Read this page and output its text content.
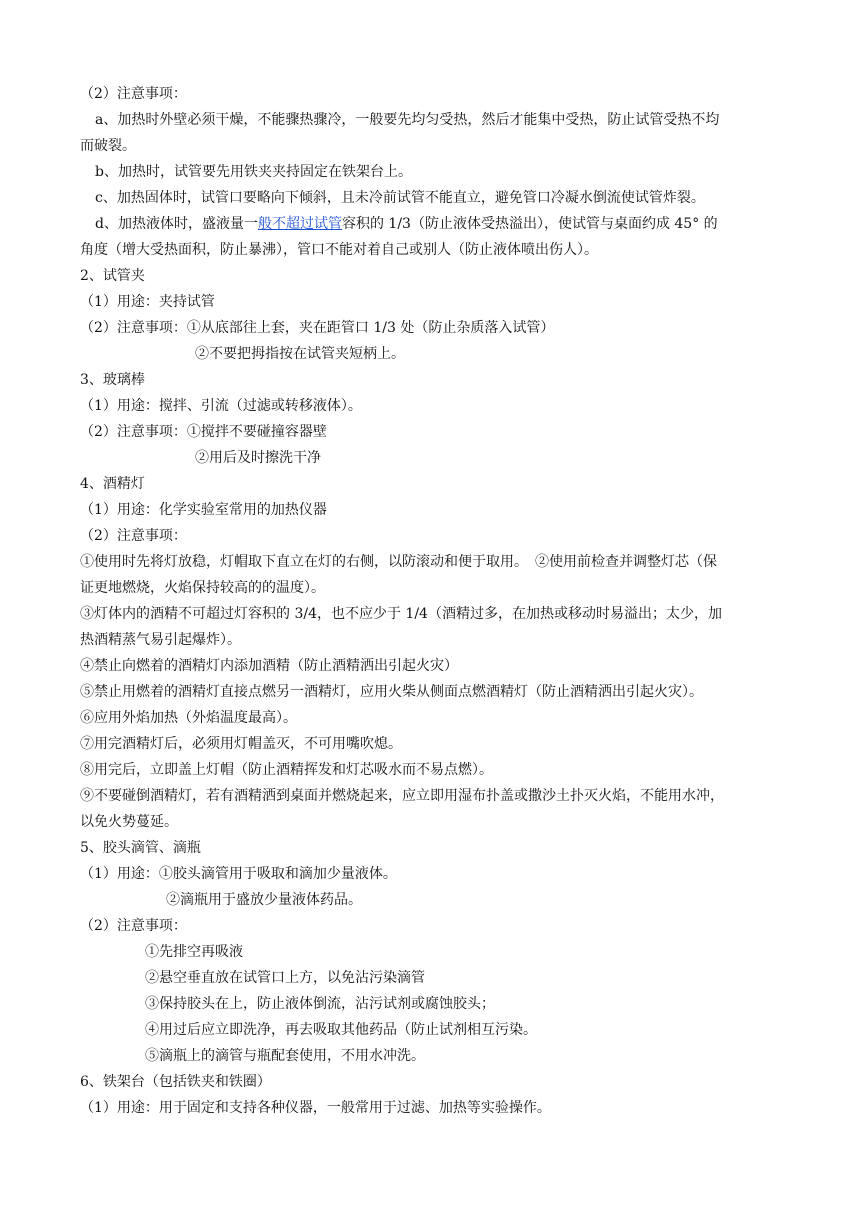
（2）注意事项：
a、加热时外壁必须干燥，不能骤热骤冷，一般要先均匀受热，然后才能集中受热，防止试管受热不均
而破裂。
b、加热时，试管要先用铁夹夹持固定在铁架台上。
c、加热固体时，试管口要略向下倾斜，且未冷前试管不能直立，避免管口冷凝水倒流使试管炸裂。
d、加热液体时，盛液量一般不超过试管容积的 1/3（防止液体受热溢出），使试管与桌面约成 45° 的
角度（增大受热面积，防止暴沸），管口不能对着自己或别人（防止液体喷出伤人）。
2、试管夹
（1）用途：夹持试管
（2）注意事项：①从底部往上套，夹在距管口 1/3 处（防止杂质落入试管）
②不要把拇指按在试管夹短柄上。
3、玻璃棒
（1）用途：搅拌、引流（过滤或转移液体）。
（2）注意事项：①搅拌不要碰撞容器壁
②用后及时擦洗干净
4、酒精灯
（1）用途：化学实验室常用的加热仪器
（2）注意事项：
①使用时先将灯放稳，灯帽取下直立在灯的右侧，以防滚动和便于取用。　②使用前检查并调整灯芯（保
证更地燃烧，火焰保持较高的的温度）。
③灯体内的酒精不可超过灯容积的 3/4，也不应少于 1/4（酒精过多，在加热或移动时易溢出；太少，加
热酒精蒸气易引起爆炸）。
④禁止向燃着的酒精灯内添加酒精（防止酒精洒出引起火灾）
⑤禁止用燃着的酒精灯直接点燃另一酒精灯，应用火柴从侧面点燃酒精灯（防止酒精洒出引起火灾）。
⑥应用外焰加热（外焰温度最高）。
⑦用完酒精灯后，必须用灯帽盖灭，不可用嘴吹熄。
⑧用完后，立即盖上灯帽（防止酒精挥发和灯芯吸水而不易点燃）。
⑨不要碰倒酒精灯，若有酒精洒到桌面并燃烧起来，应立即用湿布扑盖或撒沙土扑灭火焰，不能用水冲，
以免火势蔓延。
5、胶头滴管、滴瓶
（1）用途：①胶头滴管用于吸取和滴加少量液体。
②滴瓶用于盛放少量液体药品。
（2）注意事项：
①先排空再吸液
②悬空垂直放在试管口上方，以免沾污染滴管
③保持胶头在上，防止液体倒流，沾污试剂或腐蚀胶头；
④用过后应立即洗净，再去吸取其他药品（防止试剂相互污染。
⑤滴瓶上的滴管与瓶配套使用，不用水冲洗。
6、铁架台（包括铁夹和铁圈）
（1）用途：用于固定和支持各种仪器，一般常用于过滤、加热等实验操作。
